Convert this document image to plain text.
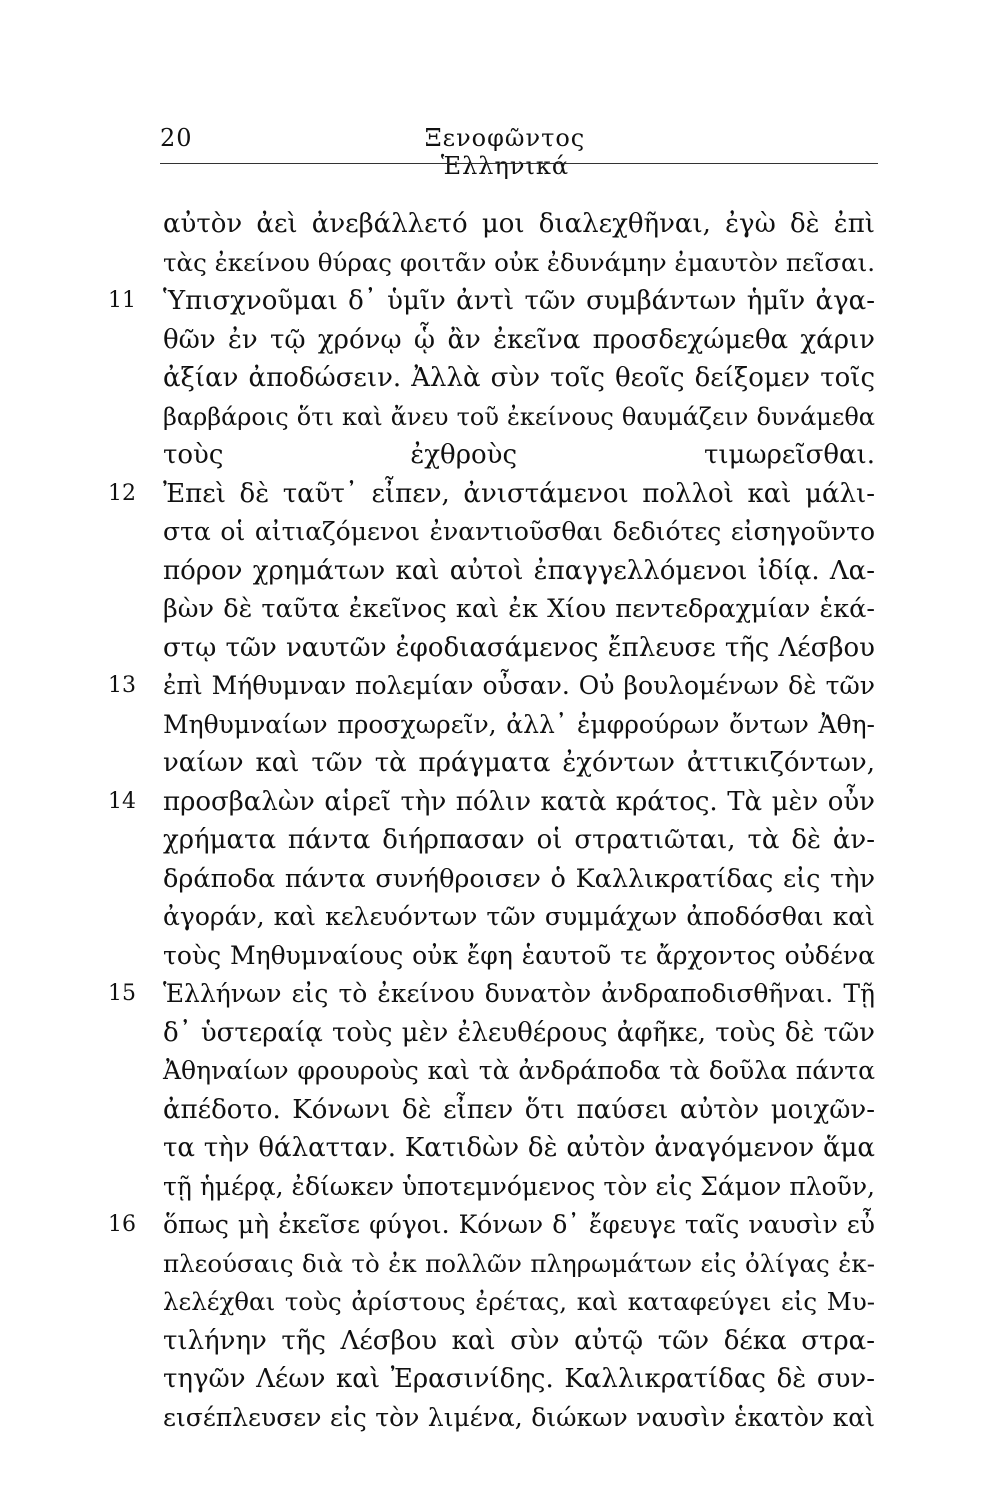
20	Ξενοφῶντος Ἑλληνικά
αὐτὸν ἀεὶ ἀνεβάλλετό μοι διαλεχθῆναι, ἐγὼ δὲ ἐπὶ
τὰς ἐκείνου θύρας φοιτᾶν οὐκ ἐδυνάμην ἐμαυτὸν πεῖσαι.
11 Ὑπισχνοῦμαι δ᾽ ὑμῖν ἀντὶ τῶν συμβάντων ἡμῖν ἀγα-
θῶν ἐν τῷ χρόνῳ ᾧ ἂν ἐκεῖνα προσδεχώμεθα χάριν
ἀξίαν ἀποδώσειν. Ἀλλὰ σὺν τοῖς θεοῖς δείξομεν τοῖς
βαρβάροις ὅτι καὶ ἄνευ τοῦ ἐκείνους θαυμάζειν δυνάμεθα
τοὺς ἐχθροὺς τιμωρεῖσθαι.
12 Ἐπεὶ δὲ ταῦτ᾽ εἶπεν, ἀνιστάμενοι πολλοὶ καὶ μάλι-
στα οἱ αἰτιαζόμενοι ἐναντιοῦσθαι δεδιότες εἰσηγοῦντο
πόρον χρημάτων καὶ αὐτοὶ ἐπαγγελλόμενοι ἰδίᾳ. Λα-
βὼν δὲ ταῦτα ἐκεῖνος καὶ ἐκ Χίου πεντεδραχμίαν ἑκά-
στῳ τῶν ναυτῶν ἐφοδιασάμενος ἔπλευσε τῆς Λέσβου
13 ἐπὶ Μήθυμναν πολεμίαν οὖσαν. Οὐ βουλομένων δὲ τῶν
Μηθυμναίων προσχωρεῖν, ἀλλ᾽ ἐμφρούρων ὄντων Ἀθη-
ναίων καὶ τῶν τὰ πράγματα ἐχόντων ἀττικιζόντων,
14 προσβαλὼν αἱρεῖ τὴν πόλιν κατὰ κράτος. Τὰ μὲν οὖν
χρήματα πάντα διήρπασαν οἱ στρατιῶται, τὰ δὲ ἀν-
δράποδα πάντα συνήθροισεν ὁ Καλλικρατίδας εἰς τὴν
ἀγοράν, καὶ κελευόντων τῶν συμμάχων ἀποδόσθαι καὶ
τοὺς Μηθυμναίους οὐκ ἔφη ἑαυτοῦ τε ἄρχοντος οὐδένα
15 Ἑλλήνων εἰς τὸ ἐκείνου δυνατὸν ἀνδραποδισθῆναι. Τῇ
δ᾽ ὑστεραίᾳ τοὺς μὲν ἐλευθέρους ἀφῆκε, τοὺς δὲ τῶν
Ἀθηναίων φρουροὺς καὶ τὰ ἀνδράποδα τὰ δοῦλα πάντα
ἀπέδοτο. Κόνωνι δὲ εἶπεν ὅτι παύσει αὐτὸν μοιχῶν-
τα τὴν θάλατταν. Κατιδὼν δὲ αὐτὸν ἀναγόμενον ἅμα
τῇ ἡμέρᾳ, ἐδίωκεν ὑποτεμνόμενος τὸν εἰς Σάμον πλοῦν,
16 ὅπως μὴ ἐκεῖσε φύγοι. Κόνων δ᾽ ἔφευγε ταῖς ναυσὶν εὖ
πλεούσαις διὰ τὸ ἐκ πολλῶν πληρωμάτων εἰς ὀλίγας ἐκ-
λελέχθαι τοὺς ἀρίστους ἐρέτας, καὶ καταφεύγει εἰς Μυ-
τιλήνην τῆς Λέσβου καὶ σὺν αὐτῷ τῶν δέκα στρα-
τηγῶν Λέων καὶ Ἐρασινίδης. Καλλικρατίδας δὲ συν-
εισέπλευσεν εἰς τὸν λιμένα, διώκων ναυσὶν ἑκατὸν καὶ
